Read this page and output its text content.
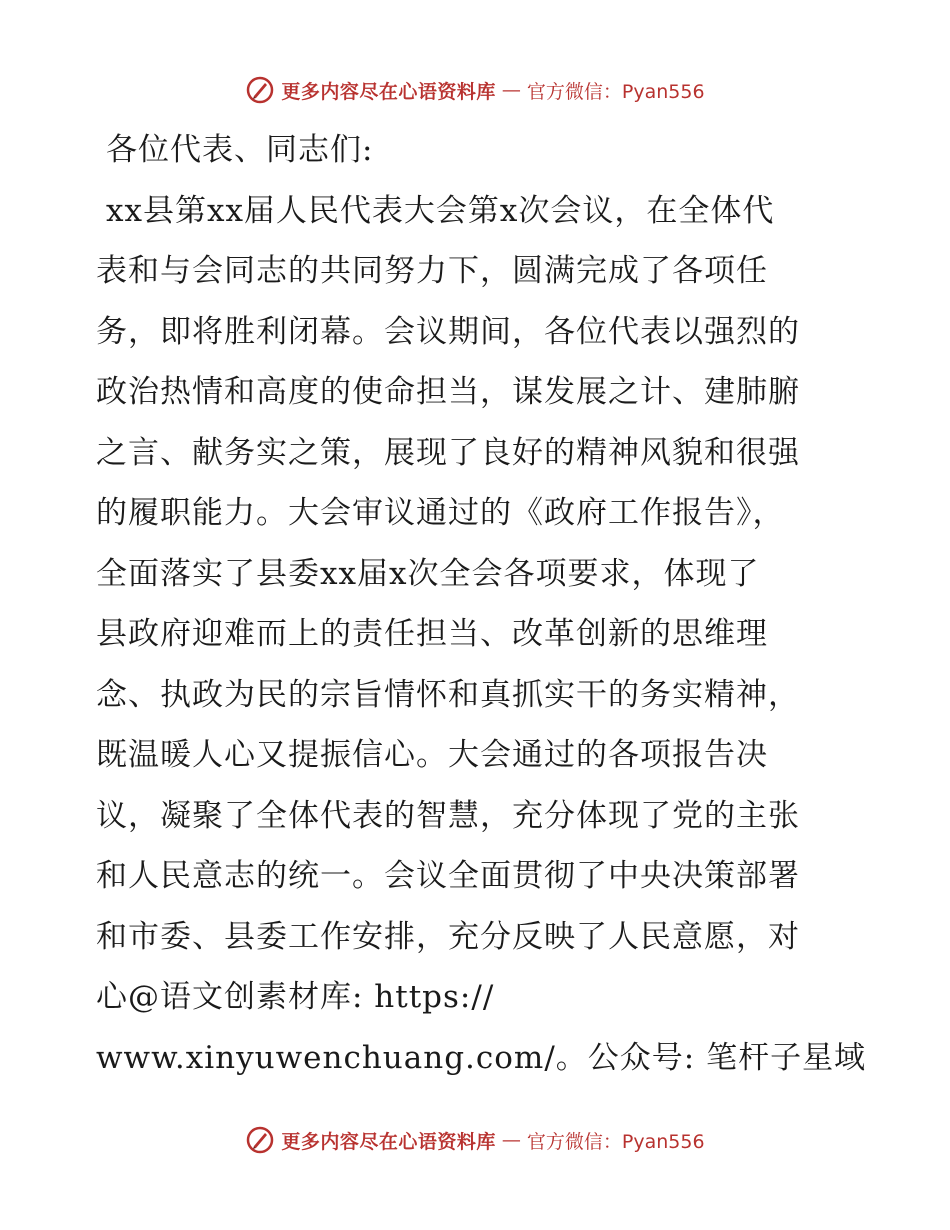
更多内容尽在心语资料库 — 官方微信：Pyan556
各位代表、同志们:
xx县第xx届人民代表大会第x次会议，在全体代
表和与会同志的共同努力下，圆满完成了各项任
务，即将胜利闭幕。会议期间，各位代表以强烈的
政治热情和高度的使命担当，谋发展之计、建肺腑
之言、献务实之策，展现了良好的精神风貌和很强
的履职能力。大会审议通过的《政府工作报告》，
全面落实了县委xx届x次全会各项要求，体现了
县政府迎难而上的责任担当、改革创新的思维理
念、执政为民的宗旨情怀和真抓实干的务实精神，
既温暖人心又提振信心。大会通过的各项报告决
议，凝聚了全体代表的智慧，充分体现了党的主张
和人民意志的统一。会议全面贯彻了中央决策部署
和市委、县委工作安排，充分反映了人民意愿，对
心@语文创素材库: https://
www.xinyuwenchuang.com/。公众号: 笔杆子星域
更多内容尽在心语资料库 — 官方微信：Pyan556
